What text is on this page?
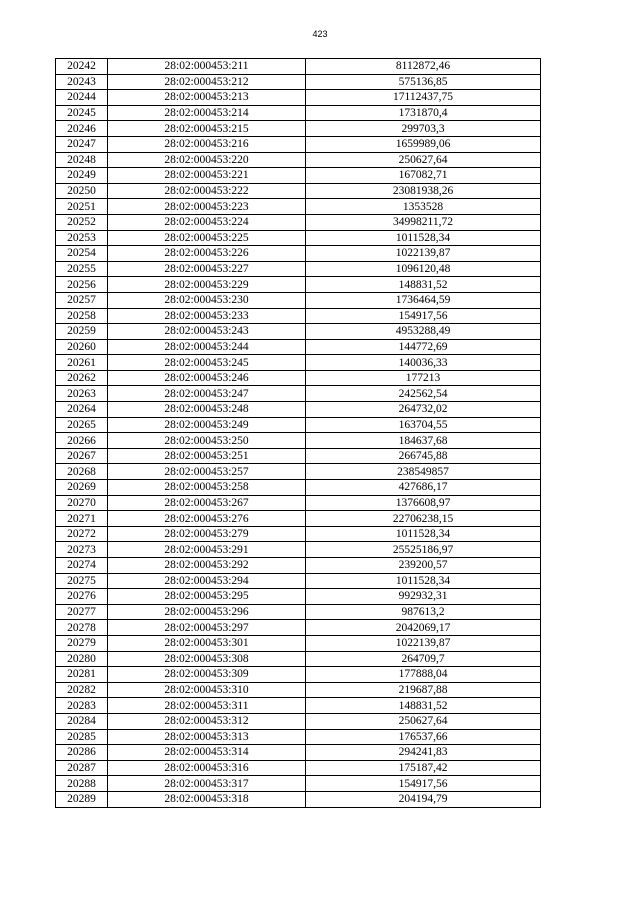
423
20242	28:02:000453:211	8112872,46
20243	28:02:000453:212	575136,85
20244	28:02:000453:213	17112437,75
20245	28:02:000453:214	1731870,4
20246	28:02:000453:215	299703,3
20247	28:02:000453:216	1659989,06
20248	28:02:000453:220	250627,64
20249	28:02:000453:221	167082,71
20250	28:02:000453:222	23081938,26
20251	28:02:000453:223	1353528
20252	28:02:000453:224	34998211,72
20253	28:02:000453:225	1011528,34
20254	28:02:000453:226	1022139,87
20255	28:02:000453:227	1096120,48
20256	28:02:000453:229	148831,52
20257	28:02:000453:230	1736464,59
20258	28:02:000453:233	154917,56
20259	28:02:000453:243	4953288,49
20260	28:02:000453:244	144772,69
20261	28:02:000453:245	140036,33
20262	28:02:000453:246	177213
20263	28:02:000453:247	242562,54
20264	28:02:000453:248	264732,02
20265	28:02:000453:249	163704,55
20266	28:02:000453:250	184637,68
20267	28:02:000453:251	266745,88
20268	28:02:000453:257	238549857
20269	28:02:000453:258	427686,17
20270	28:02:000453:267	1376608,97
20271	28:02:000453:276	22706238,15
20272	28:02:000453:279	1011528,34
20273	28:02:000453:291	25525186,97
20274	28:02:000453:292	239200,57
20275	28:02:000453:294	1011528,34
20276	28:02:000453:295	992932,31
20277	28:02:000453:296	987613,2
20278	28:02:000453:297	2042069,17
20279	28:02:000453:301	1022139,87
20280	28:02:000453:308	264709,7
20281	28:02:000453:309	177888,04
20282	28:02:000453:310	219687,88
20283	28:02:000453:311	148831,52
20284	28:02:000453:312	250627,64
20285	28:02:000453:313	176537,66
20286	28:02:000453:314	294241,83
20287	28:02:000453:316	175187,42
20288	28:02:000453:317	154917,56
20289	28:02:000453:318	204194,79
